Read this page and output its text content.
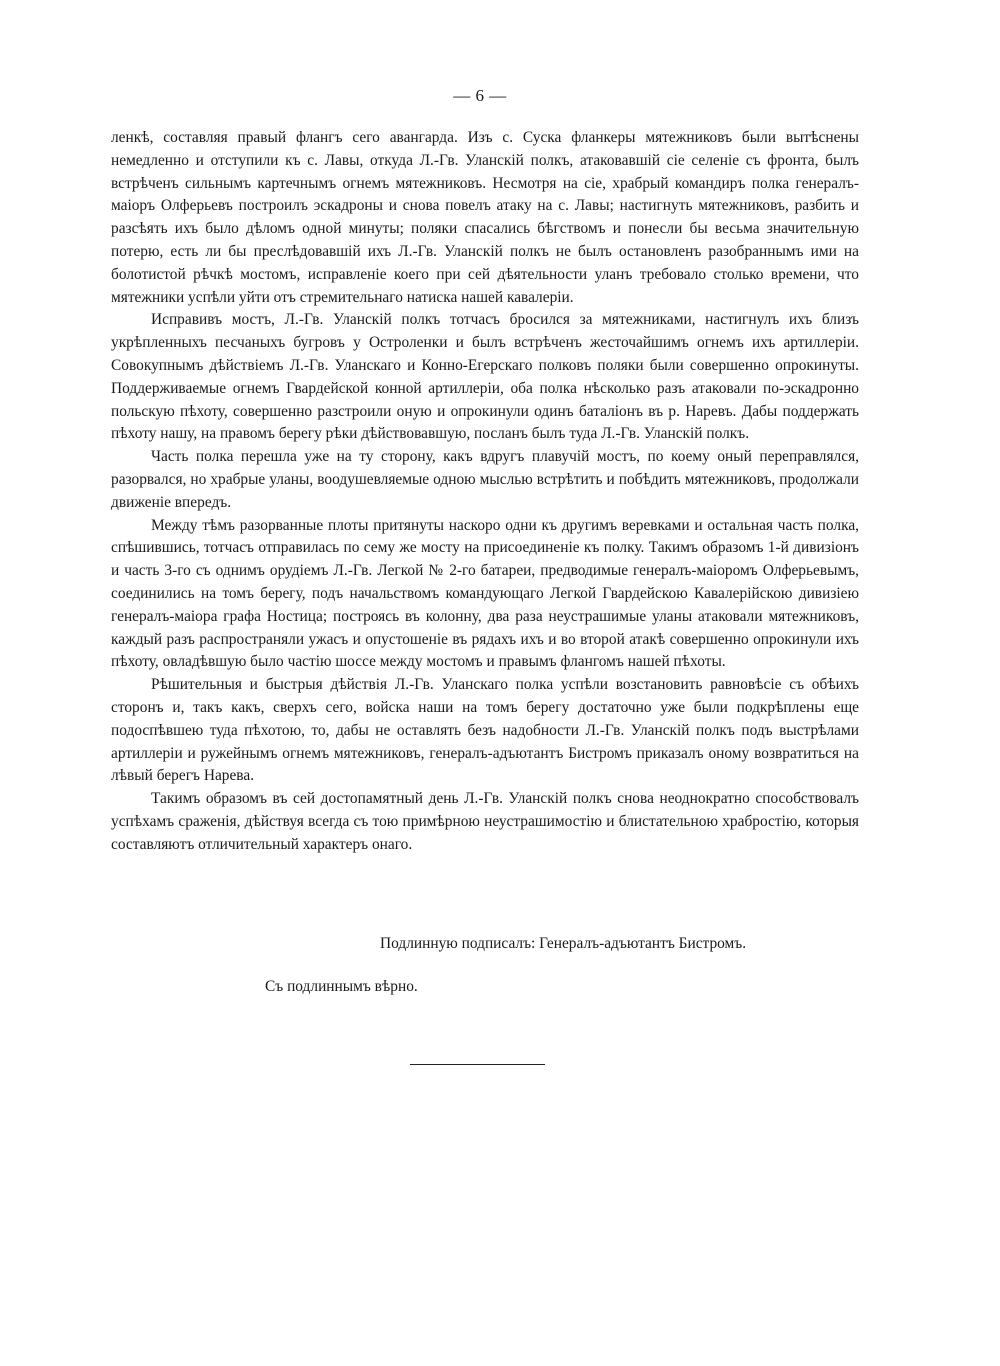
— 6 —

ленкѣ, составляя правый флангъ сего авангарда. Изъ с. Суска фланкеры мятежниковъ были вытѣснены немедленно и отступили къ с. Лавы, откуда Л.-Гв. Уланскій полкъ, атаковавшій сіе селеніе съ фронта, былъ встрѣченъ сильнымъ картечнымъ огнемъ мятежниковъ. Несмотря на сіе, храбрый командиръ полка генералъ-маіоръ Олферьевъ построилъ эскадроны и снова повелъ атаку на с. Лавы; настигнуть мятежниковъ, разбить и разсѣять ихъ было дѣломъ одной минуты; поляки спасались бѣгствомъ и понесли бы весьма значительную потерю, есть ли бы преслѣдовавшій ихъ Л.-Гв. Уланскій полкъ не былъ остановленъ разобраннымъ ими на болотистой рѣчкѣ мостомъ, исправленіе коего при сей дѣятельности уланъ требовало столько времени, что мятежники успѣли уйти отъ стремительнаго натиска нашей кавалеріи.

Исправивъ мостъ, Л.-Гв. Уланскій полкъ тотчасъ бросился за мятежниками, настигнулъ ихъ близъ укрѣпленныхъ песчаныхъ бугровъ у Остроленки и былъ встрѣченъ жесточайшимъ огнемъ ихъ артиллеріи. Совокупнымъ дѣйствіемъ Л.-Гв. Уланскаго и Конно-Егерскаго полковъ поляки были совершенно опрокинуты. Поддерживаемые огнемъ Гвардейской конной артиллеріи, оба полка нѣсколько разъ атаковали по-эскадронно польскую пѣхоту, совершенно разстроили оную и опрокинули одинъ баталіонъ въ р. Наревъ. Дабы поддержать пѣхоту нашу, на правомъ берегу рѣки дѣйствовавшую, посланъ былъ туда Л.-Гв. Уланскій полкъ.

Часть полка перешла уже на ту сторону, какъ вдругъ плавучій мостъ, по коему оный переправлялся, разорвался, но храбрые уланы, воодушевляемые одною мыслью встрѣтить и побѣдить мятежниковъ, продолжали движеніе впередъ.

Между тѣмъ разорванные плоты притянуты наскоро одни къ другимъ веревками и остальная часть полка, спѣшившись, тотчасъ отправилась по сему же мосту на присоединеніе къ полку. Такимъ образомъ 1-й дивизіонъ и часть 3-го съ однимъ орудіемъ Л.-Гв. Легкой № 2-го батареи, предводимые генералъ-маіоромъ Олферьевымъ, соединились на томъ берегу, подъ начальствомъ командующаго Легкой Гвардейскою Кавалерійскою дивизіею генералъ-маіора графа Ностица; построясь въ колонну, два раза неустрашимые уланы атаковали мятежниковъ, каждый разъ распространяли ужасъ и опустошеніе въ рядахъ ихъ и во второй атакѣ совершенно опрокинули ихъ пѣхоту, овладѣвшую было частію шоссе между мостомъ и правымъ флангомъ нашей пѣхоты.

Рѣшительныя и быстрыя дѣйствія Л.-Гв. Уланскаго полка успѣли возстановить равновѣсіе съ обѣихъ сторонъ и, такъ какъ, сверхъ сего, войска наши на томъ берегу достаточно уже были подкрѣплены еще подоспѣвшею туда пѣхотою, то, дабы не оставлять безъ надобности Л.-Гв. Уланскій полкъ подъ выстрѣлами артиллеріи и ружейнымъ огнемъ мятежниковъ, генералъ-адъютантъ Бистромъ приказалъ оному возвратиться на лѣвый берегъ Нарева.

Такимъ образомъ въ сей достопамятный день Л.-Гв. Уланскій полкъ снова неоднократно способствовалъ успѣхамъ сраженія, дѣйствуя всегда съ тою примѣрною неустрашимостію и блистательною храбростію, которыя составляютъ отличительный характеръ онаго.

Подлинную подписалъ: Генералъ-адъютантъ Бистромъ.
Съ подлиннымъ вѣрно.
